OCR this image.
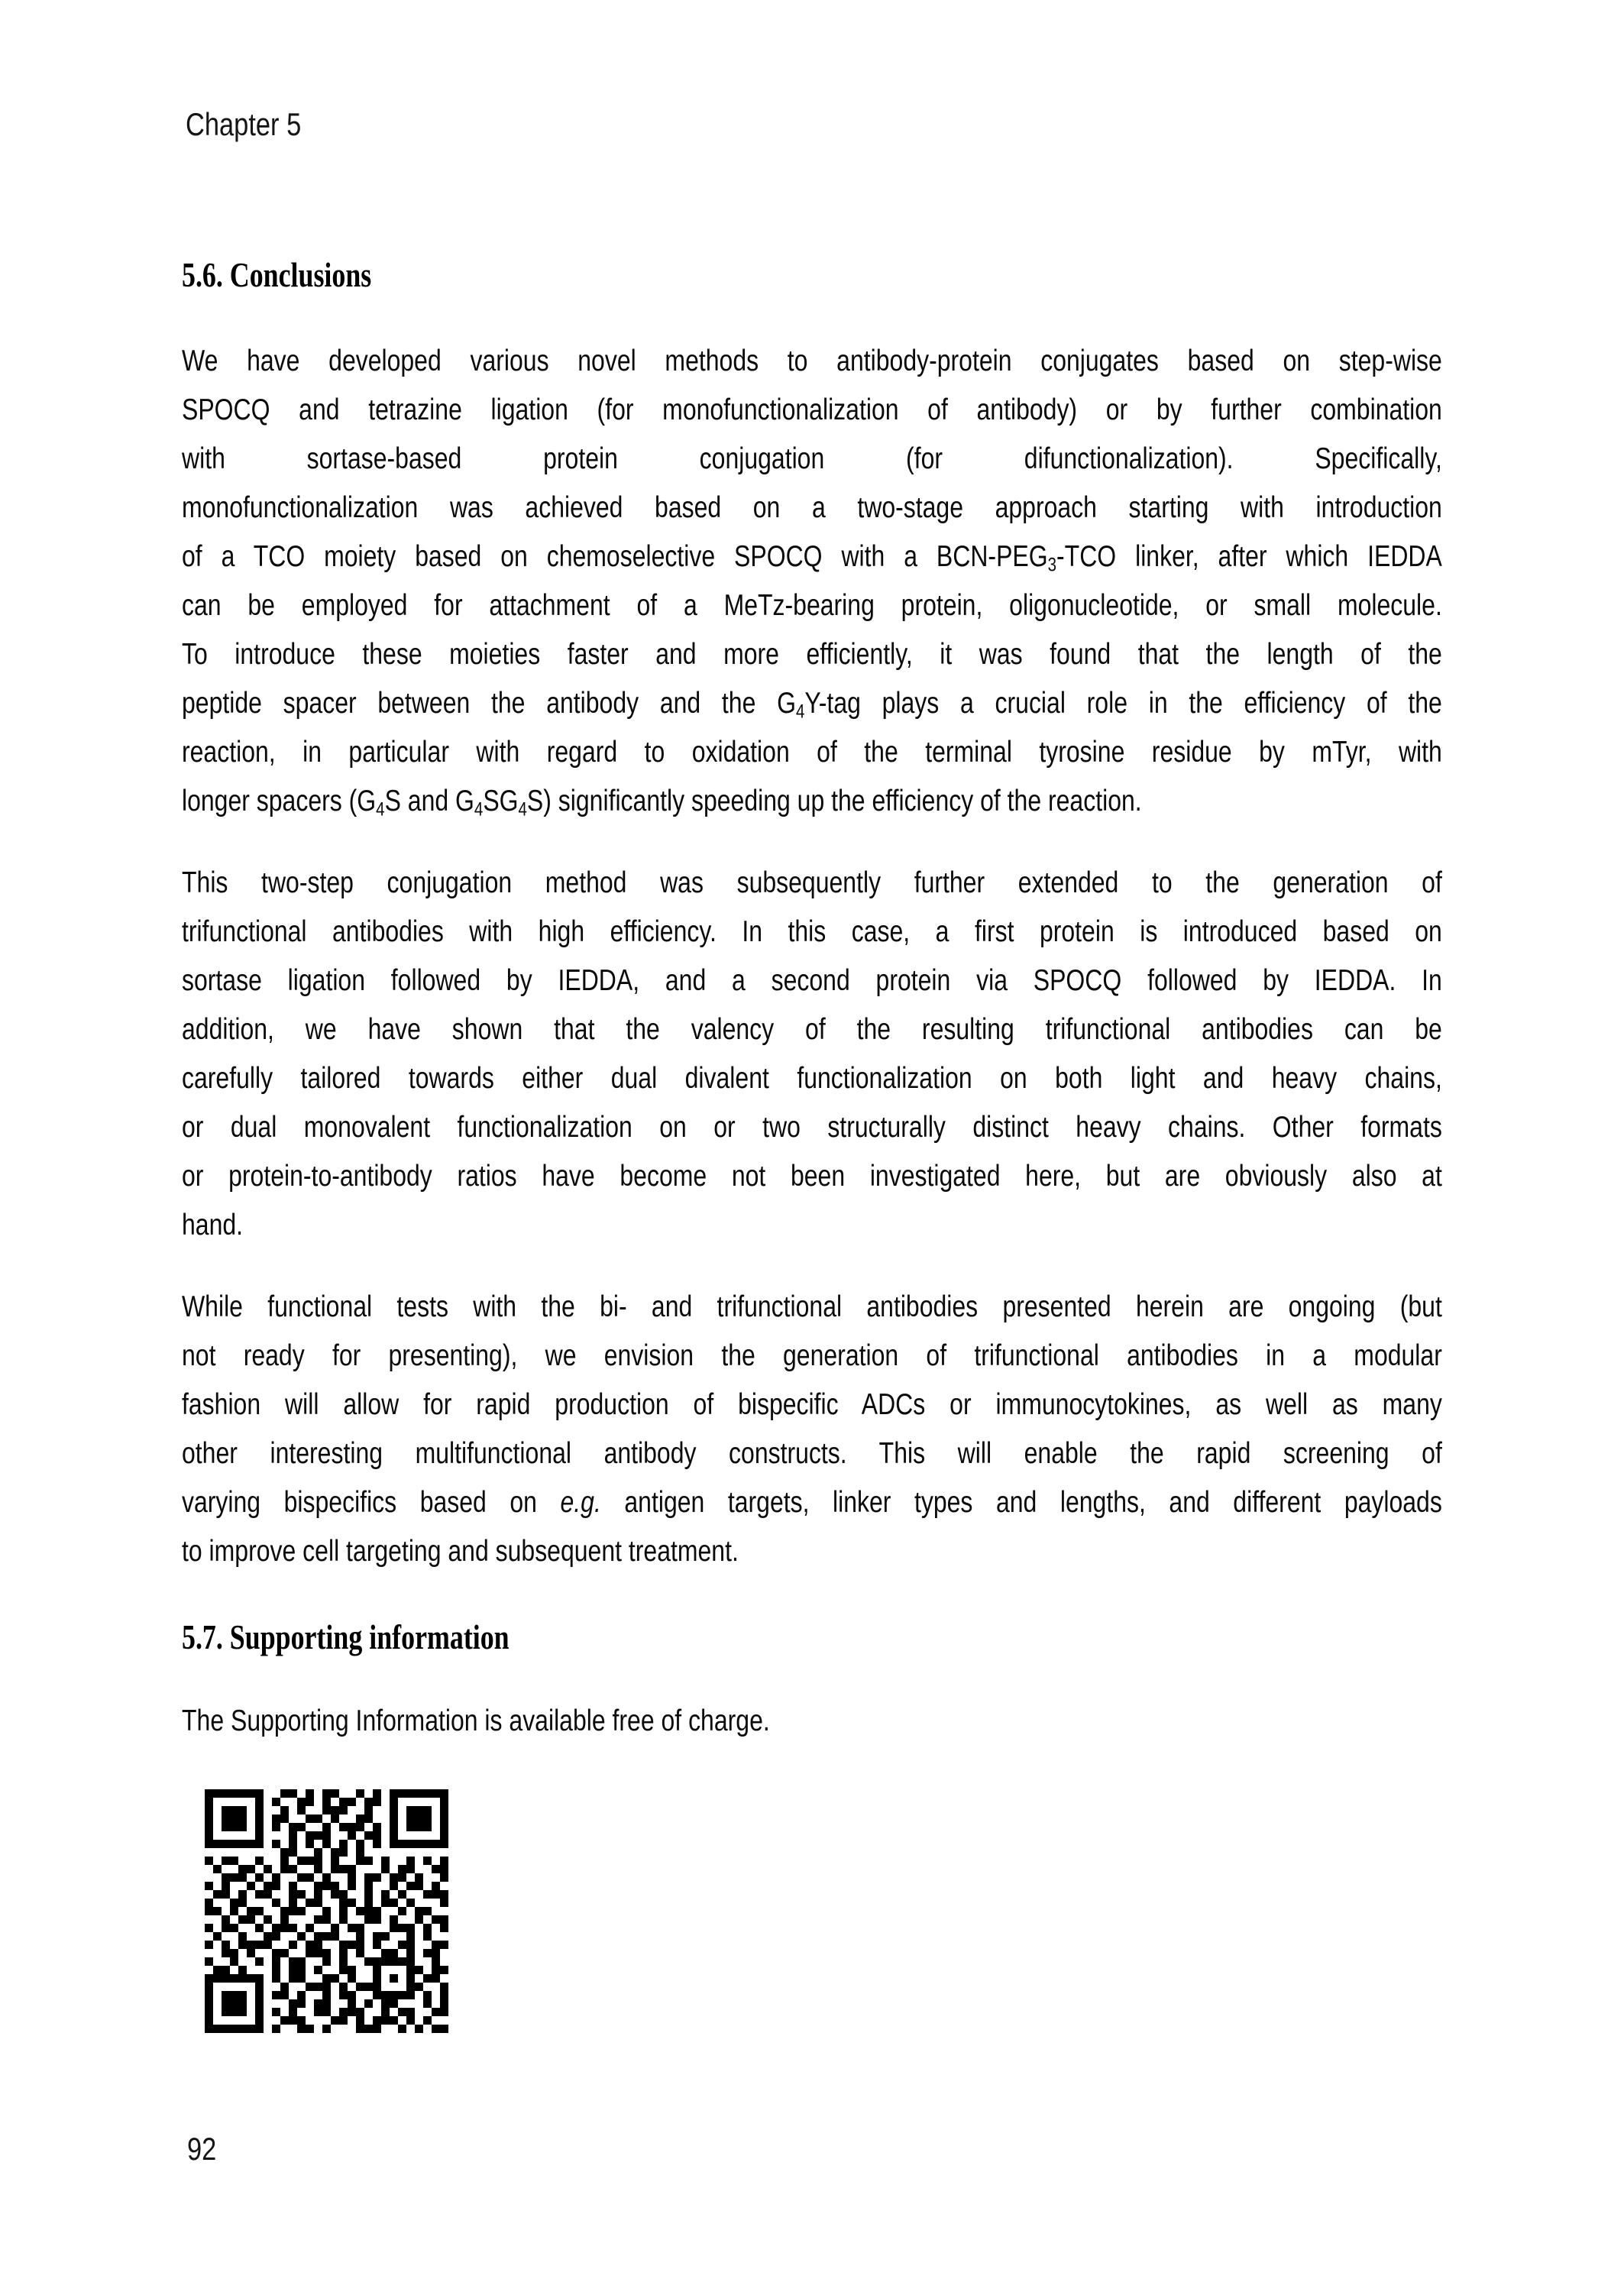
Chapter 5
5.6. Conclusions
We have developed various novel methods to antibody-protein conjugates based on step-wise
SPOCQ and tetrazine ligation (for monofunctionalization of antibody) or by further combination
with sortase-based protein conjugation (for difunctionalization). Specifically,
monofunctionalization was achieved based on a two-stage approach starting with introduction
of a TCO moiety based on chemoselective SPOCQ with a BCN-$PEG_3$-TCO linker, after which IEDDA
can be employed for attachment of a MeTz-bearing protein, oligonucleotide, or small molecule.
To introduce these moieties faster and more efficiently, it was found that the length of the
peptide spacer between the antibody and the $G_4Y$-tag plays a crucial role in the efficiency of the
reaction, in particular with regard to oxidation of the terminal tyrosine residue by mTyr, with
longer spacers ($G_4S$ and $G_4SG_4S$) significantly speeding up the efficiency of the reaction.
This two-step conjugation method was subsequently further extended to the generation of
trifunctional antibodies with high efficiency. In this case, a first protein is introduced based on
sortase ligation followed by IEDDA, and a second protein via SPOCQ followed by IEDDA. In
addition, we have shown that the valency of the resulting trifunctional antibodies can be
carefully tailored towards either dual divalent functionalization on both light and heavy chains,
or dual monovalent functionalization on or two structurally distinct heavy chains. Other formats
or protein-to-antibody ratios have become not been investigated here, but are obviously also at
hand.
While functional tests with the bi- and trifunctional antibodies presented herein are ongoing (but
not ready for presenting), we envision the generation of trifunctional antibodies in a modular
fashion will allow for rapid production of bispecific ADCs or immunocytokines, as well as many
other interesting multifunctional antibody constructs. This will enable the rapid screening of
varying bispecifics based on e.g. antigen targets, linker types and lengths, and different payloads
to improve cell targeting and subsequent treatment.
5.7. Supporting information
The Supporting Information is available free of charge.
92
